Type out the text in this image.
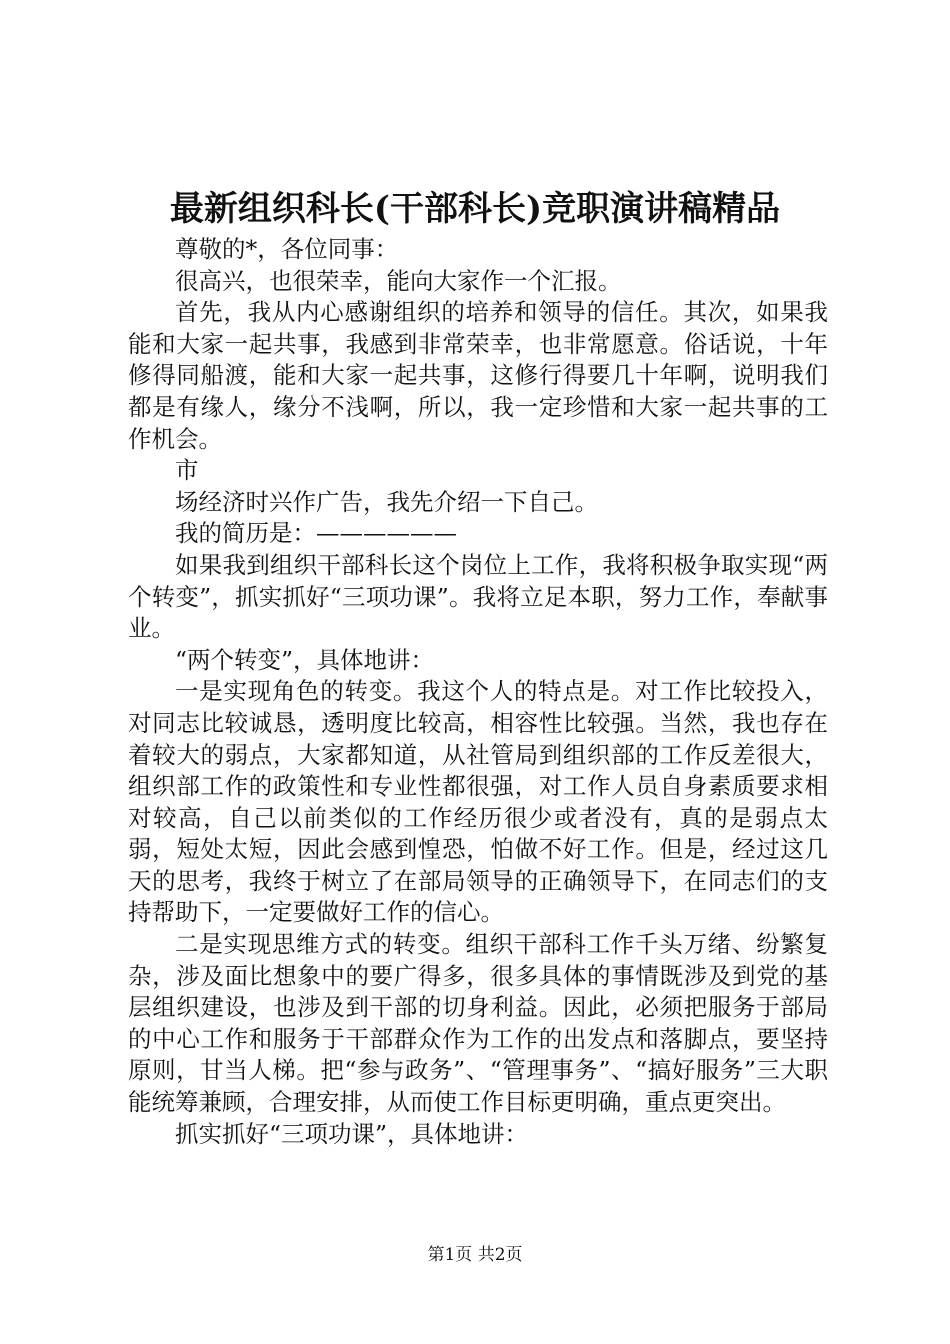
最新组织科长(干部科长)竞职演讲稿精品

尊敬的*，各位同事：

很高兴，也很荣幸，能向大家作一个汇报。

首先，我从内心感谢组织的培养和领导的信任。其次，如果我能和大家一起共事，我感到非常荣幸，也非常愿意。俗话说，十年修得同船渡，能和大家一起共事，这修行得要几十年啊，说明我们都是有缘人，缘分不浅啊，所以，我一定珍惜和大家一起共事的工作机会。

市

场经济时兴作广告，我先介绍一下自己。

我的简历是：——————

如果我到组织干部科长这个岗位上工作，我将积极争取实现“两个转变”，抓实抓好“三项功课”。我将立足本职，努力工作，奉献事业。

“两个转变”，具体地讲：

一是实现角色的转变。我这个人的特点是。对工作比较投入，对同志比较诚恳，透明度比较高，相容性比较强。当然，我也存在着较大的弱点，大家都知道，从社管局到组织部的工作反差很大，组织部工作的政策性和专业性都很强，对工作人员自身素质要求相对较高，自己以前类似的工作经历很少或者没有，真的是弱点太弱，短处太短，因此会感到惶恐，怕做不好工作。但是，经过这几天的思考，我终于树立了在部局领导的正确领导下，在同志们的支持帮助下，一定要做好工作的信心。

二是实现思维方式的转变。组织干部科工作千头万绪、纷繁复杂，涉及面比想象中的要广得多，很多具体的事情既涉及到党的基层组织建设，也涉及到干部的切身利益。因此，必须把服务于部局的中心工作和服务于干部群众作为工作的出发点和落脚点，要坚持原则，甘当人梯。把“参与政务”、“管理事务”、“搞好服务”三大职能统筹兼顾，合理安排，从而使工作目标更明确，重点更突出。

抓实抓好“三项功课”，具体地讲：

第1页 共2页
